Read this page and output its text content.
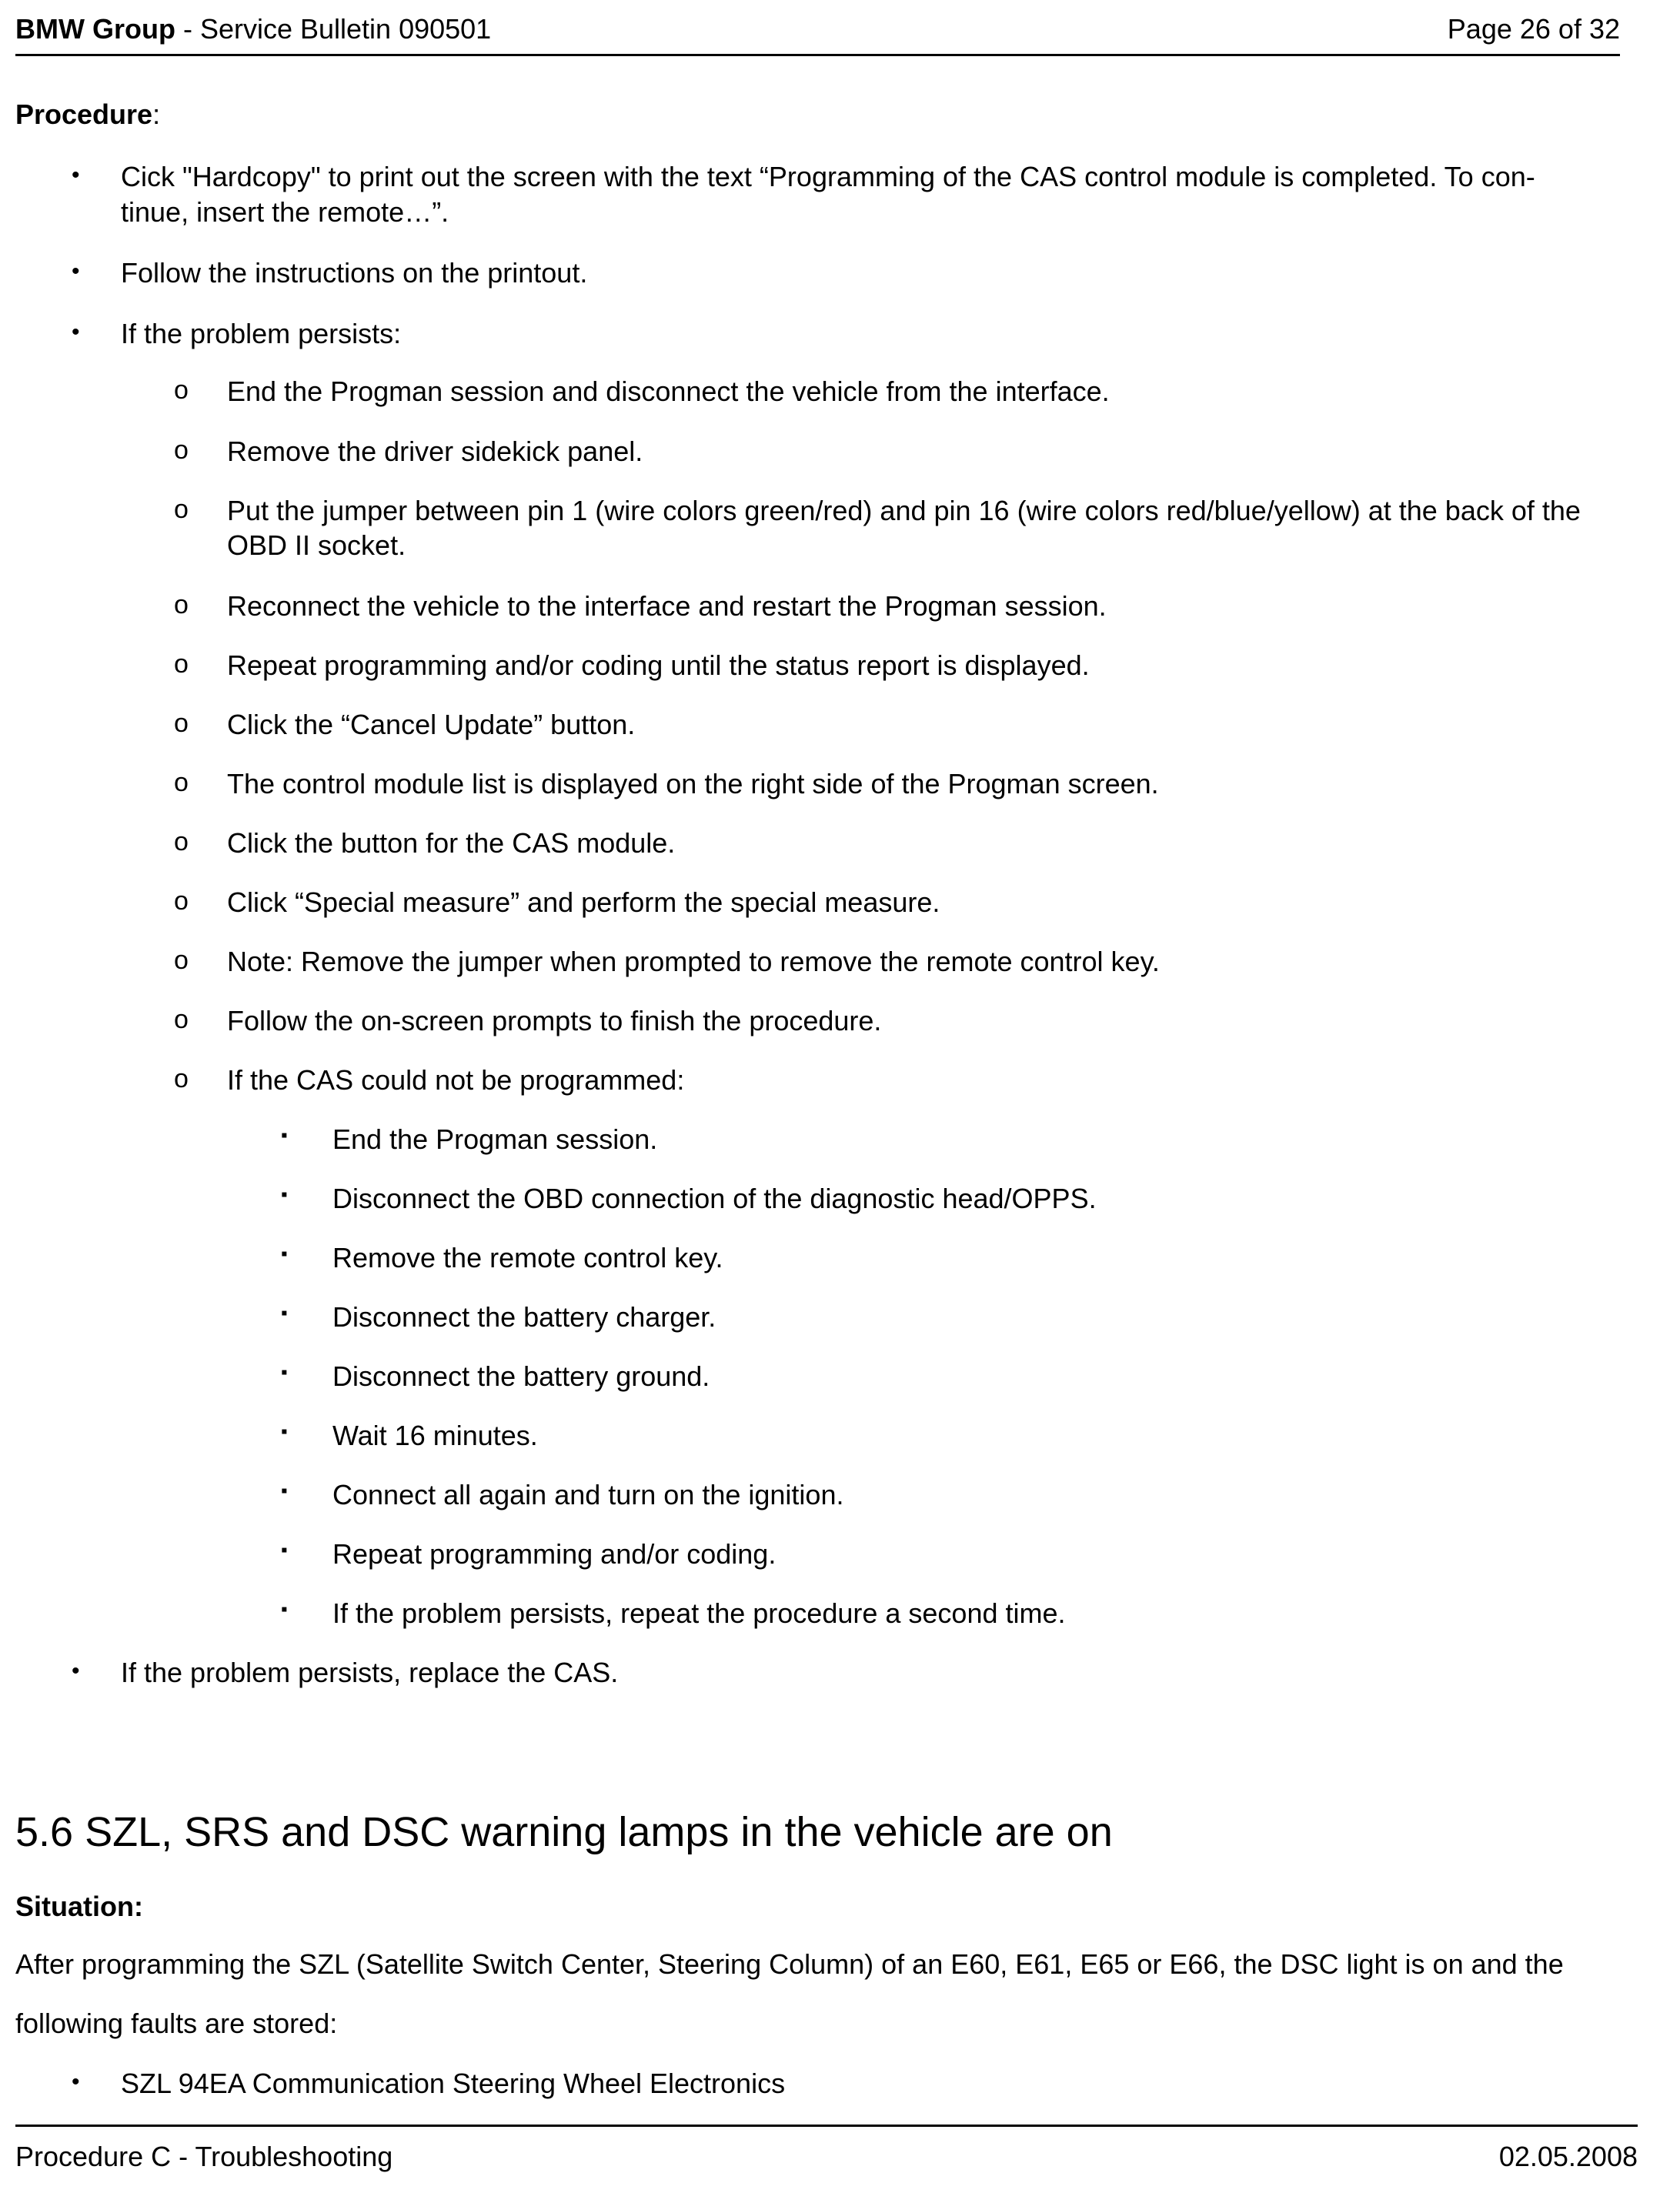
BMW Group - Service Bulletin 090501	Page 26 of 32
Procedure:
• Cick "Hardcopy" to print out the screen with the text “Programming of the CAS control module is completed. To con-
tinue, insert the remote…”.
• Follow the instructions on the printout.
• If the problem persists:
o End the Progman session and disconnect the vehicle from the interface.
o Remove the driver sidekick panel.
o Put the jumper between pin 1 (wire colors green/red) and pin 16 (wire colors red/blue/yellow) at the back of the
OBD II socket.
o Reconnect the vehicle to the interface and restart the Progman session.
o Repeat programming and/or coding until the status report is displayed.
o Click the “Cancel Update” button.
o The control module list is displayed on the right side of the Progman screen.
o Click the button for the CAS module.
o Click “Special measure” and perform the special measure.
o Note: Remove the jumper when prompted to remove the remote control key.
o Follow the on-screen prompts to finish the procedure.
o If the CAS could not be programmed:
▪ End the Progman session.
▪ Disconnect the OBD connection of the diagnostic head/OPPS.
▪ Remove the remote control key.
▪ Disconnect the battery charger.
▪ Disconnect the battery ground.
▪ Wait 16 minutes.
▪ Connect all again and turn on the ignition.
▪ Repeat programming and/or coding.
▪ If the problem persists, repeat the procedure a second time.
• If the problem persists, replace the CAS.
5.6 SZL, SRS and DSC warning lamps in the vehicle are on
Situation:
After programming the SZL (Satellite Switch Center, Steering Column) of an E60, E61, E65 or E66, the DSC light is on and the
following faults are stored:
• SZL 94EA Communication Steering Wheel Electronics
Procedure C - Troubleshooting	02.05.2008
